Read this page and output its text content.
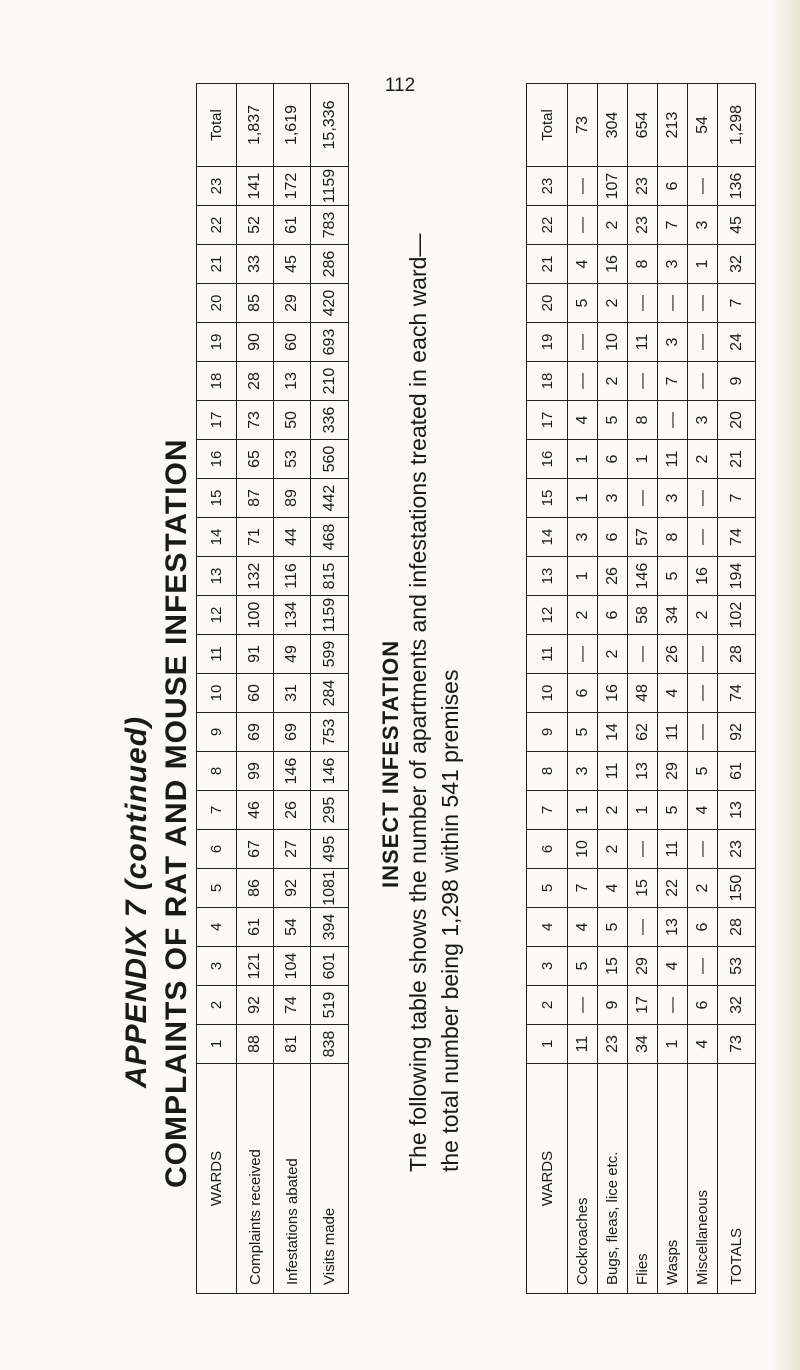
112
APPENDIX 7 (continued) COMPLAINTS OF RAT AND MOUSE INFESTATION	INSECT INFESTATION The following table shows the number of apartments and infestations treated in each ward— the total number being 1,298 within 541 premises
WARDS	1	2	3	4	5	6	7	8	9	10	11	12	13	14	15	16	17	18	19	20	21	22	23	Total
Complaints received	88	92	121	61	86	67	46	99	69	60	91	100	132	71	87	65	73	28	90	85	33	52	141	1,837
Infestations abated	81	74	104	54	92	27	26	146	69	31	49	134	116	44	89	53	50	13	60	29	45	61	172	1,619
Visits made	838	519	601	394	1081	495	295	146	753	284	599	1159	815	468	442	560	336	210	693	420	286	783	1159	15,336
WARDS	1	2	3	4	5	6	7	8	9	10	11	12	13	14	15	16	17	18	19	20	21	22	23	Total
Cockroaches	11	—	5	4	7	10	1	3	5	6	—	2	1	3	1	1	4	—	—	5	4	—	—	73
Bugs, fleas, lice etc.	23	9	15	5	4	2	2	11	14	16	2	6	26	6	3	6	5	2	10	2	16	2	107	304
Flies	34	17	29	—	15	—	1	13	62	48	—	58	146	57	—	1	8	—	11	—	8	23	23	654
Wasps	1	—	4	13	22	11	5	29	11	4	26	34	5	8	3	11	—	7	3	—	3	7	6	213
Miscellaneous	4	6	—	6	2	—	4	5	—	—	—	2	16	—	—	2	3	—	—	—	1	3	—	54
TOTALS	73	32	53	28	150	23	13	61	92	74	28	102	194	74	7	21	20	9	24	7	32	45	136	1,298
